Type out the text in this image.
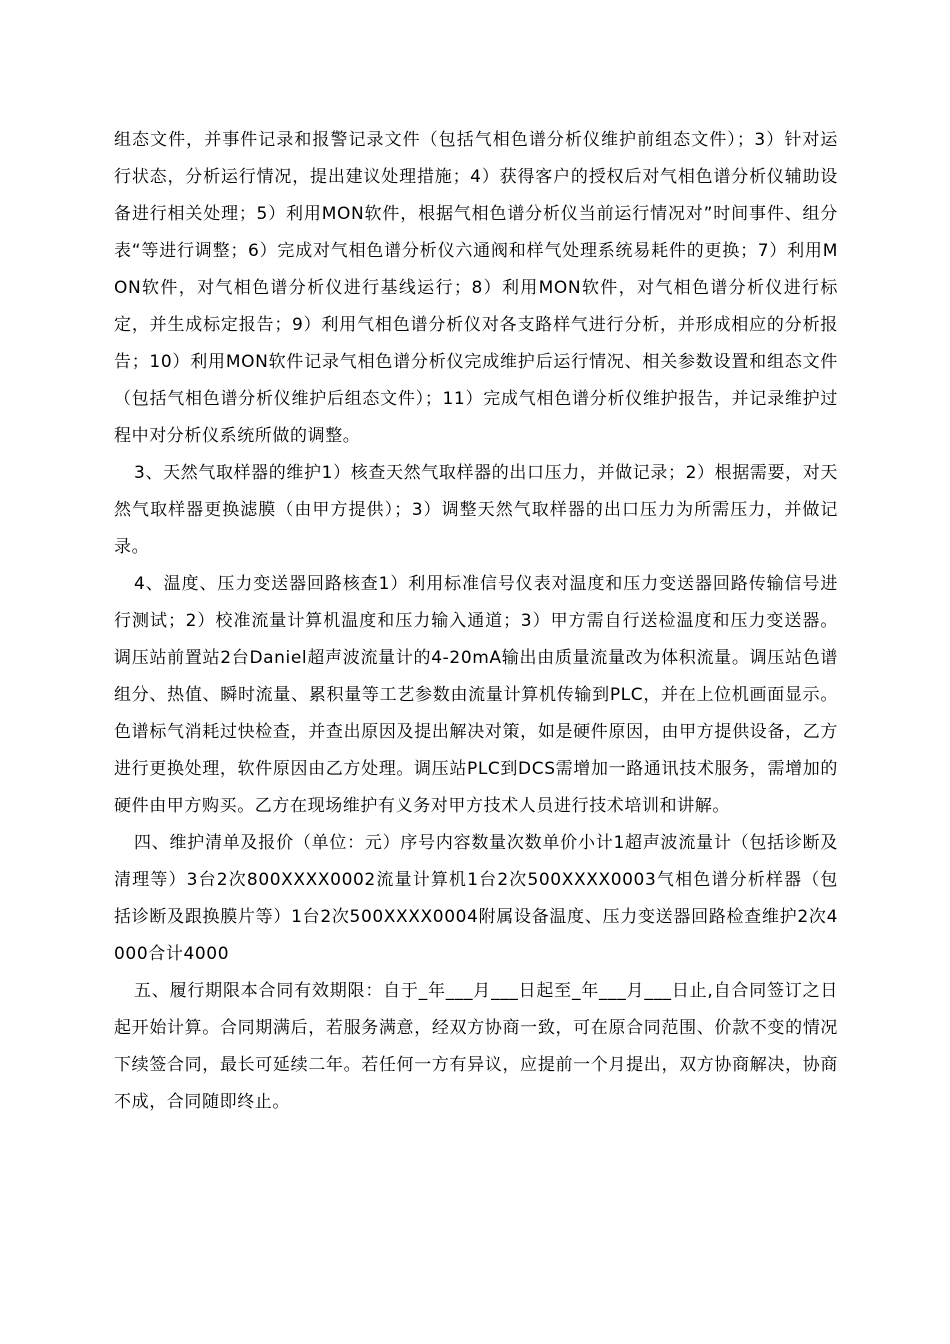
组态文件，并事件记录和报警记录文件（包括气相色谱分析仪维护前组态文件）；3）针对运行状态，分析运行情况，提出建议处理措施；4）获得客户的授权后对气相色谱分析仪辅助设备进行相关处理；5）利用MON软件，根据气相色谱分析仪当前运行情况对”时间事件、组分表“等进行调整；6）完成对气相色谱分析仪六通阀和样气处理系统易耗件的更换；7）利用MON软件，对气相色谱分析仪进行基线运行；8）利用MON软件，对气相色谱分析仪进行标定，并生成标定报告；9）利用气相色谱分析仪对各支路样气进行分析，并形成相应的分析报告；10）利用MON软件记录气相色谱分析仪完成维护后运行情况、相关参数设置和组态文件（包括气相色谱分析仪维护后组态文件）；11）完成气相色谱分析仪维护报告，并记录维护过程中对分析仪系统所做的调整。

3、天然气取样器的维护1）核查天然气取样器的出口压力，并做记录；2）根据需要，对天然气取样器更换滤膜（由甲方提供）；3）调整天然气取样器的出口压力为所需压力，并做记录。

4、温度、压力变送器回路核查1）利用标准信号仪表对温度和压力变送器回路传输信号进行测试；2）校准流量计算机温度和压力输入通道；3）甲方需自行送检温度和压力变送器。调压站前置站2台Daniel超声波流量计的4-20mA输出由质量流量改为体积流量。调压站色谱组分、热值、瞬时流量、累积量等工艺参数由流量计算机传输到PLC，并在上位机画面显示。色谱标气消耗过快检查，并查出原因及提出解决对策，如是硬件原因，由甲方提供设备，乙方进行更换处理，软件原因由乙方处理。调压站PLC到DCS需增加一路通讯技术服务，需增加的硬件由甲方购买。乙方在现场维护有义务对甲方技术人员进行技术培训和讲解。

四、维护清单及报价（单位：元）序号内容数量次数单价小计1超声波流量计（包括诊断及清理等）3台2次800XXXX0002流量计算机1台2次500XXXX0003气相色谱分析样器（包括诊断及跟换膜片等）1台2次500XXXX0004附属设备温度、压力变送器回路检查维护2次4000合计4000

五、履行期限本合同有效期限：自于_年___月___日起至_年___月___日止,自合同签订之日起开始计算。合同期满后，若服务满意，经双方协商一致，可在原合同范围、价款不变的情况下续签合同，最长可延续二年。若任何一方有异议，应提前一个月提出，双方协商解决，协商不成，合同随即终止。
